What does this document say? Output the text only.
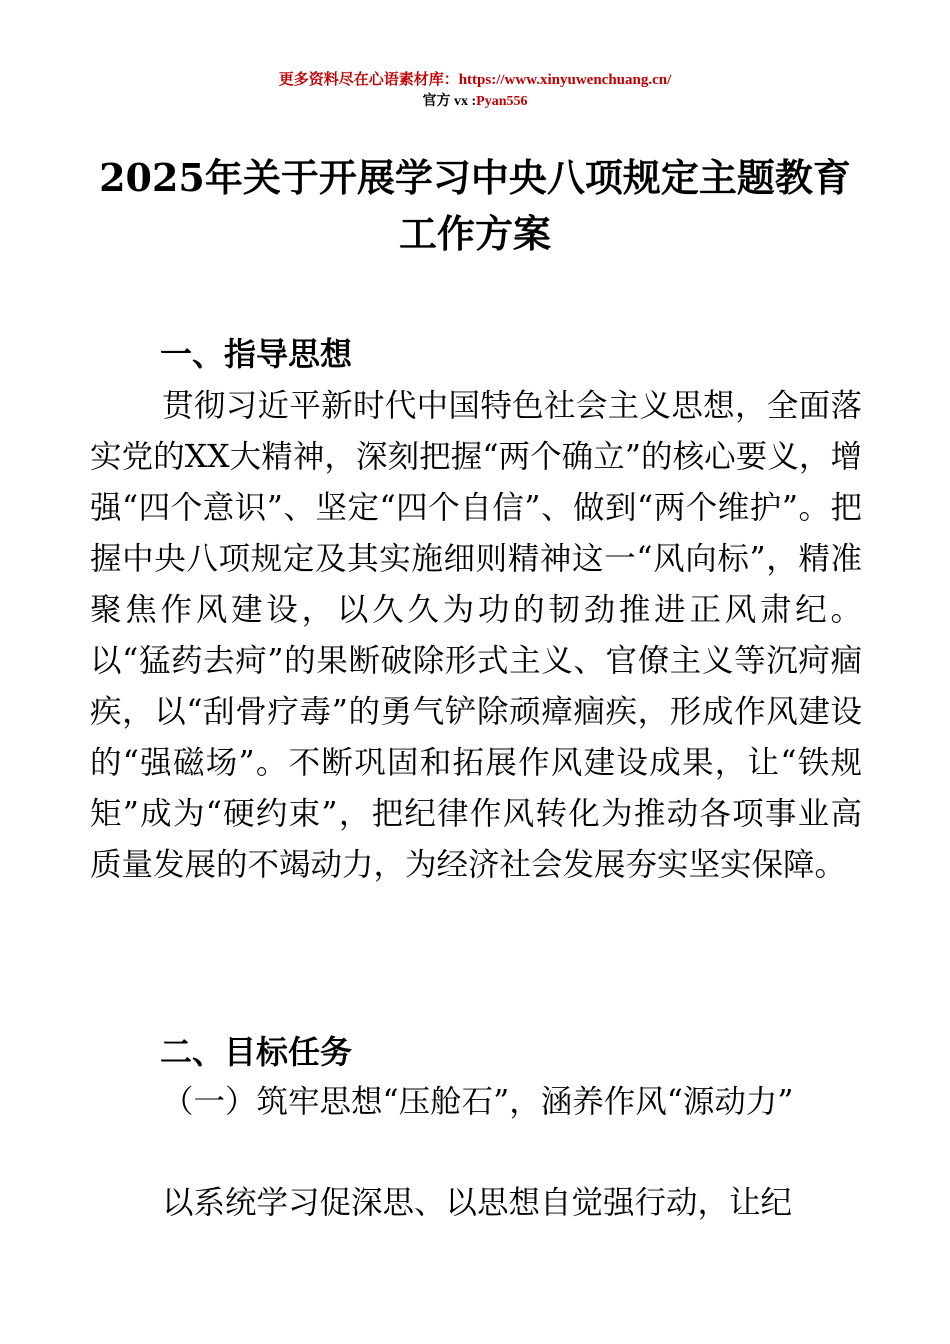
更多资料尽在心语素材库：https://www.xinyuwenchuang.cn/
官方 vx :Pyan556
2025年关于开展学习中央八项规定主题教育工作方案
一、指导思想
贯彻习近平新时代中国特色社会主义思想，全面落实党的XX大精神，深刻把握“两个确立”的核心要义，增强“四个意识”、坚定“四个自信”、做到“两个维护”。把握中央八项规定及其实施细则精神这一“风向标”，精准聚焦作风建设，以久久为功的韧劲推进正风肃纪。以“猛药去疴”的果断破除形式主义、官僚主义等沉疴痼疾，以“刮骨疗毒”的勇气铲除顽瘴痼疾，形成作风建设的“强磁场”。不断巩固和拓展作风建设成果，让“铁规矩”成为“硬约束”，把纪律作风转化为推动各项事业高质量发展的不竭动力，为经济社会发展夯实坚实保障。
二、目标任务
（一）筑牢思想“压舱石”，涵养作风“源动力”
以系统学习促深思、以思想自觉强行动，让纪
